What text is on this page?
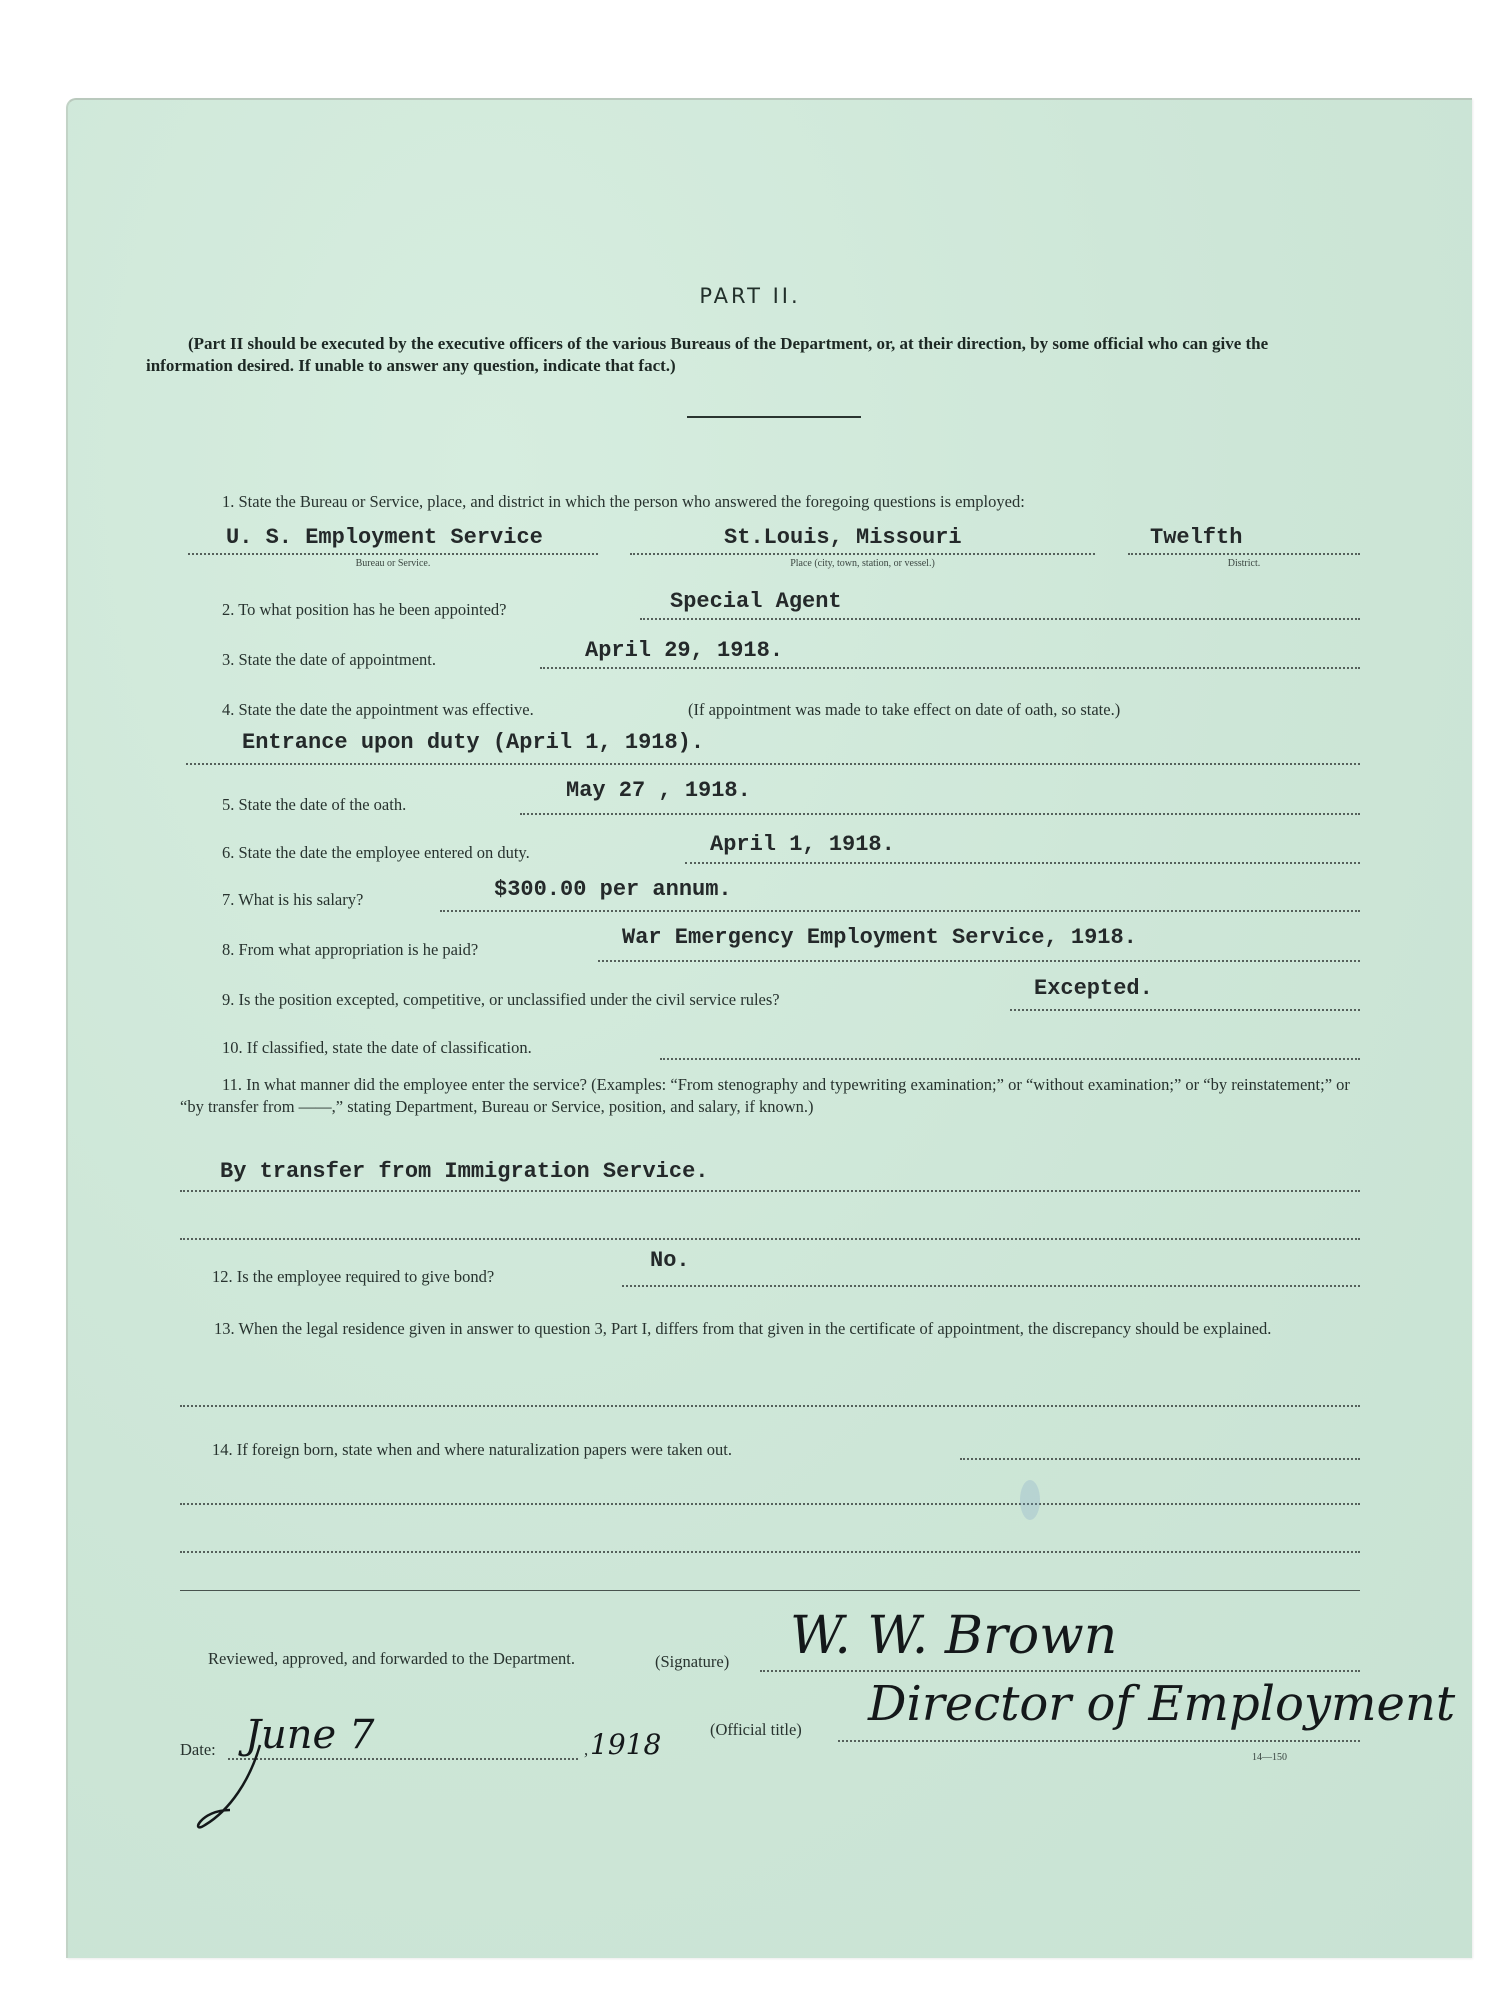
PART II.
(Part II should be executed by the executive officers of the various Bureaus of the Department, or, at their direction, by some official who can give the information desired. If unable to answer any question, indicate that fact.)
1. State the Bureau or Service, place, and district in which the person who answered the foregoing questions is employed:
U. S. Employment Service
Bureau or Service.
St.Louis, Missouri
Place (city, town, station, or vessel.)
Twelfth
District.
2. To what position has he been appointed?	Special Agent
3. State the date of appointment.	April 29, 1918.
4. State the date the appointment was effective.	(If appointment was made to take effect on date of oath, so state.)
Entrance upon duty (April 1, 1918).
5. State the date of the oath.
May 27 , 1918.
6. State the date the employee entered on duty.	April 1, 1918.
7. What is his salary?	$300.00 per annum.
8. From what appropriation is he paid?	War Emergency Employment Service, 1918.
9. Is the position excepted, competitive, or unclassified under the civil service rules?	Excepted.
10. If classified, state the date of classification.
11. In what manner did the employee enter the service? (Examples: “From stenography and typewriting examination;” or “without examination;” or “by reinstatement;” or “by transfer from ——,” stating Department, Bureau or Service, position, and salary, if known.)
By transfer from Immigration Service.
12. Is the employee required to give bond?
No.
13. When the legal residence given in answer to question 3, Part I, differs from that given in the certificate of appointment, the discrepancy should be explained.
14. If foreign born, state when and where naturalization papers were taken out.
Reviewed, approved, and forwarded to the Department.
Date: June 7	, 1918
(Signature) W. W. Brown
(Official title) Director of Employment
14—150
